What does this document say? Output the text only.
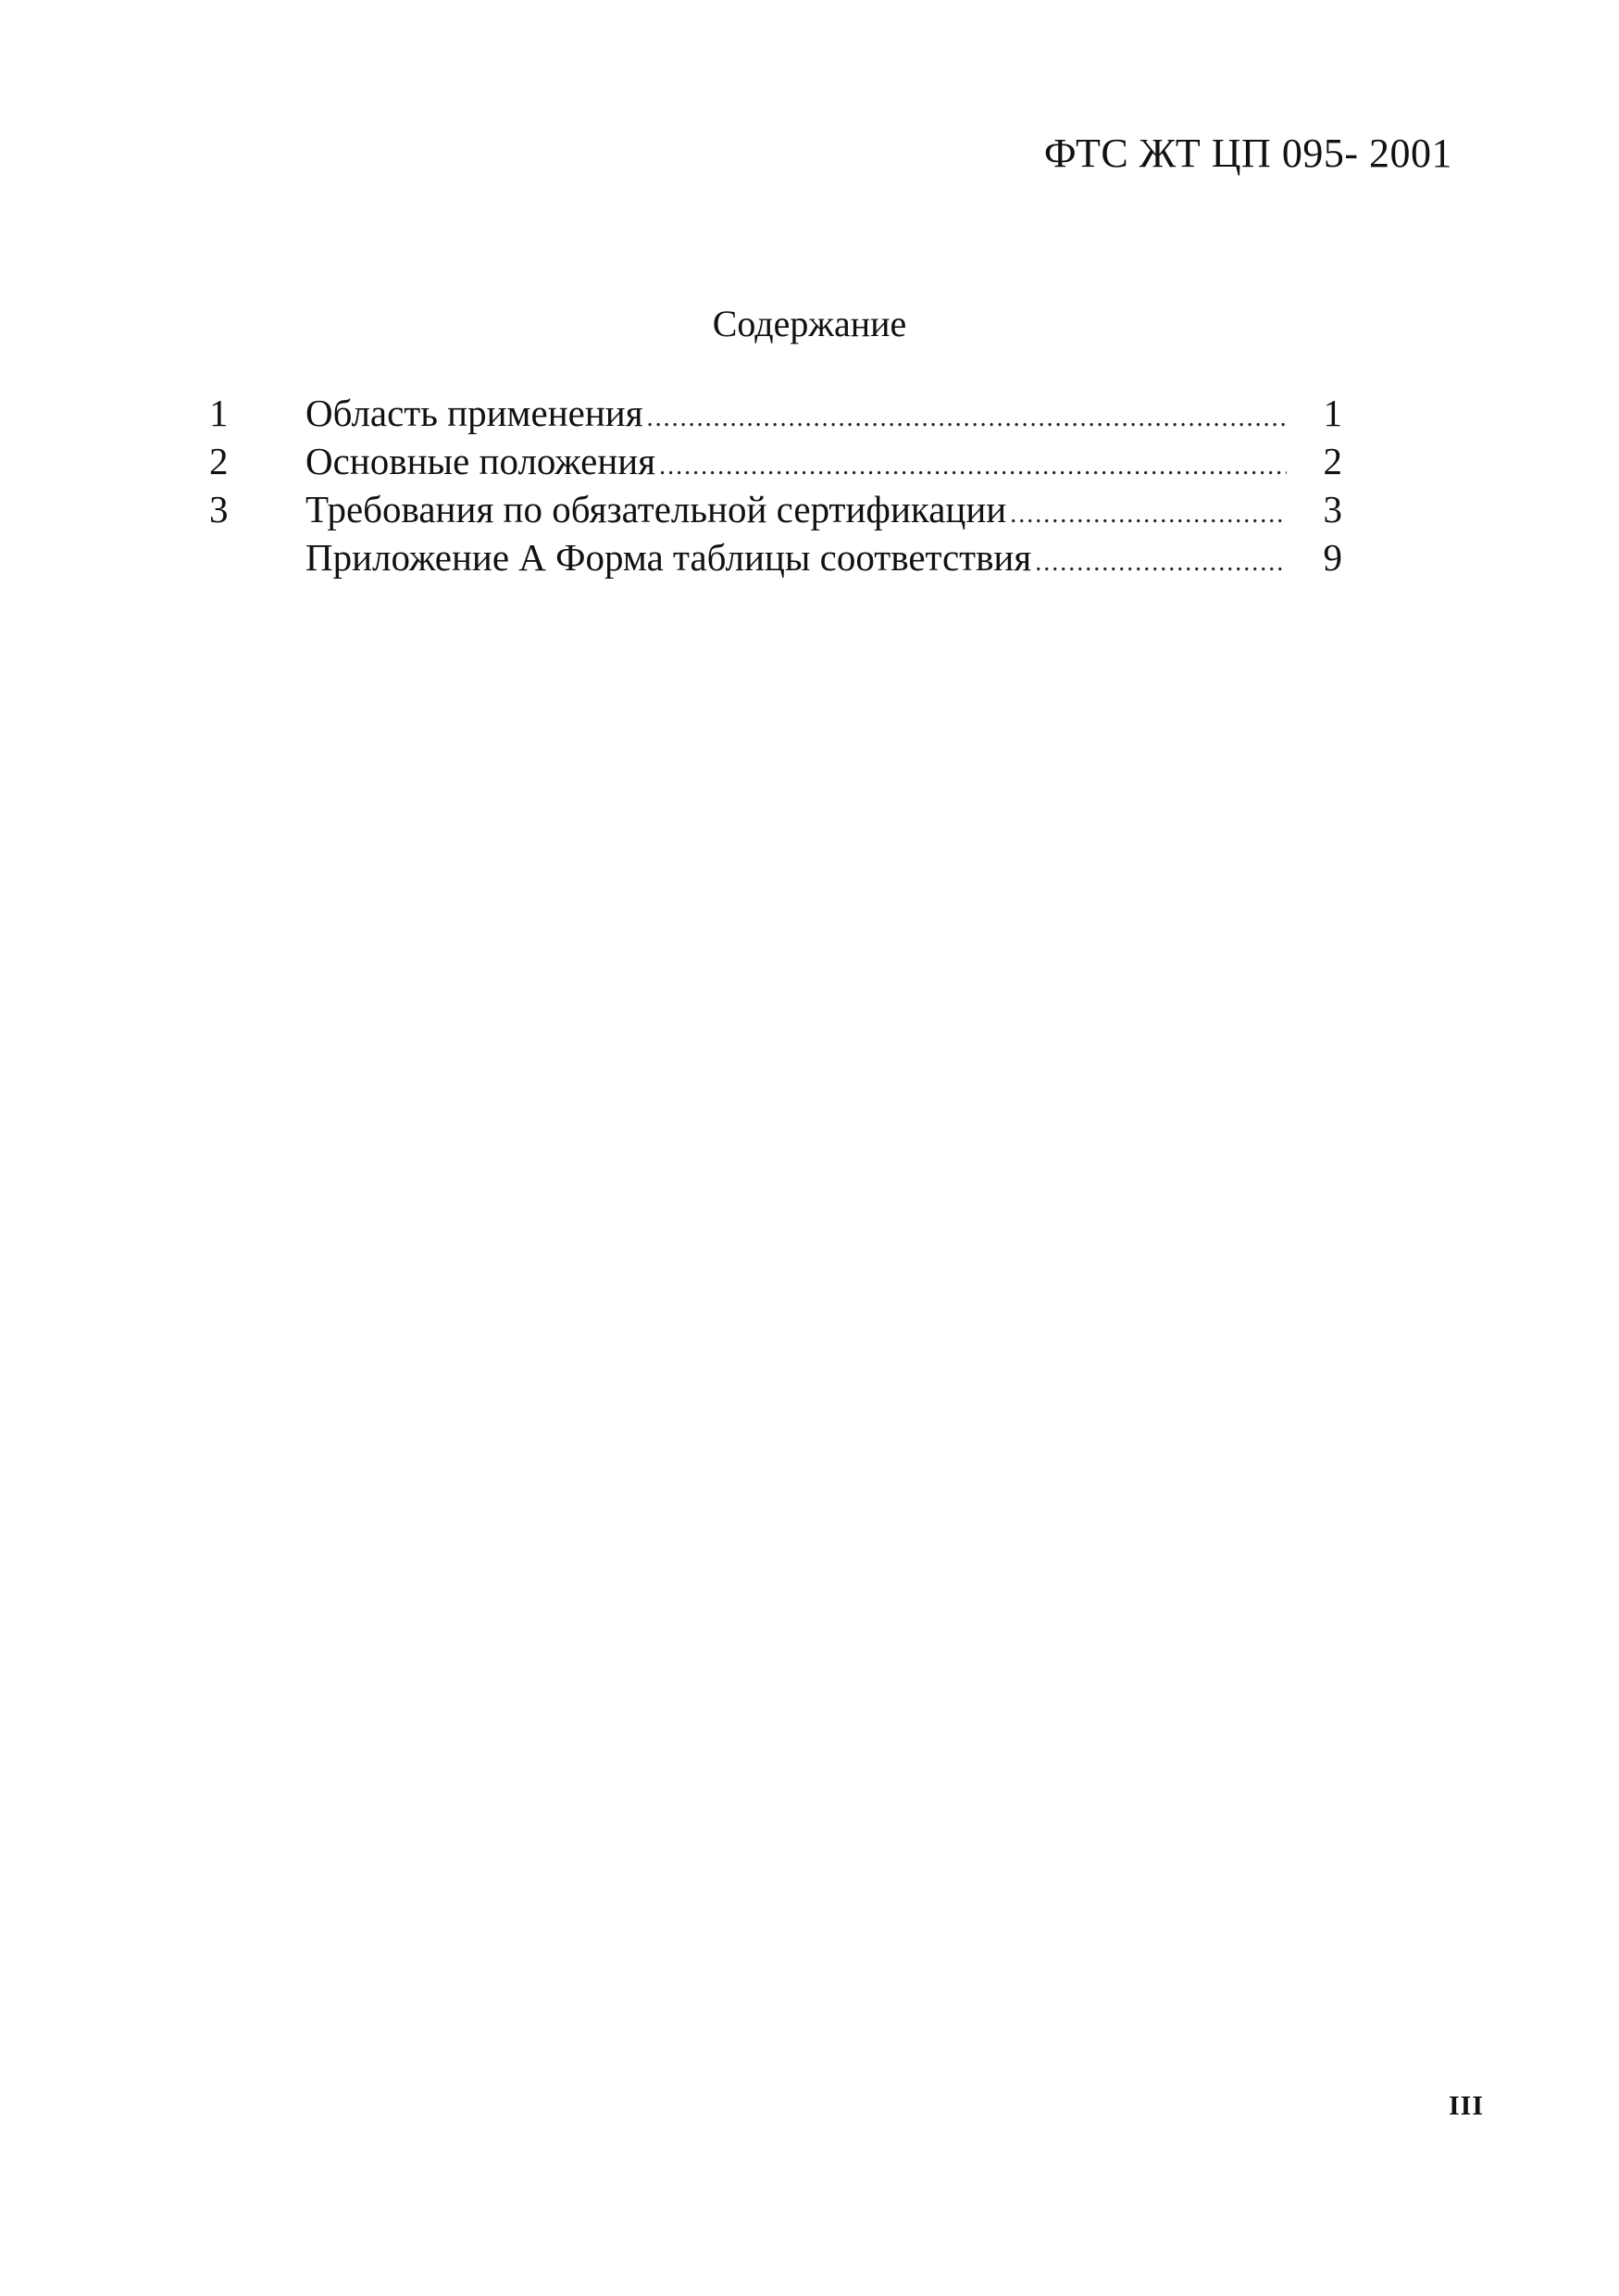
ФТС ЖТ ЦП 095- 2001
Содержание
1	Область применения .....	1
2	Основные положения .....	2
3	Требования по обязательной сертификации .....	3
Приложение А Форма таблицы соответствия .....	9
III
